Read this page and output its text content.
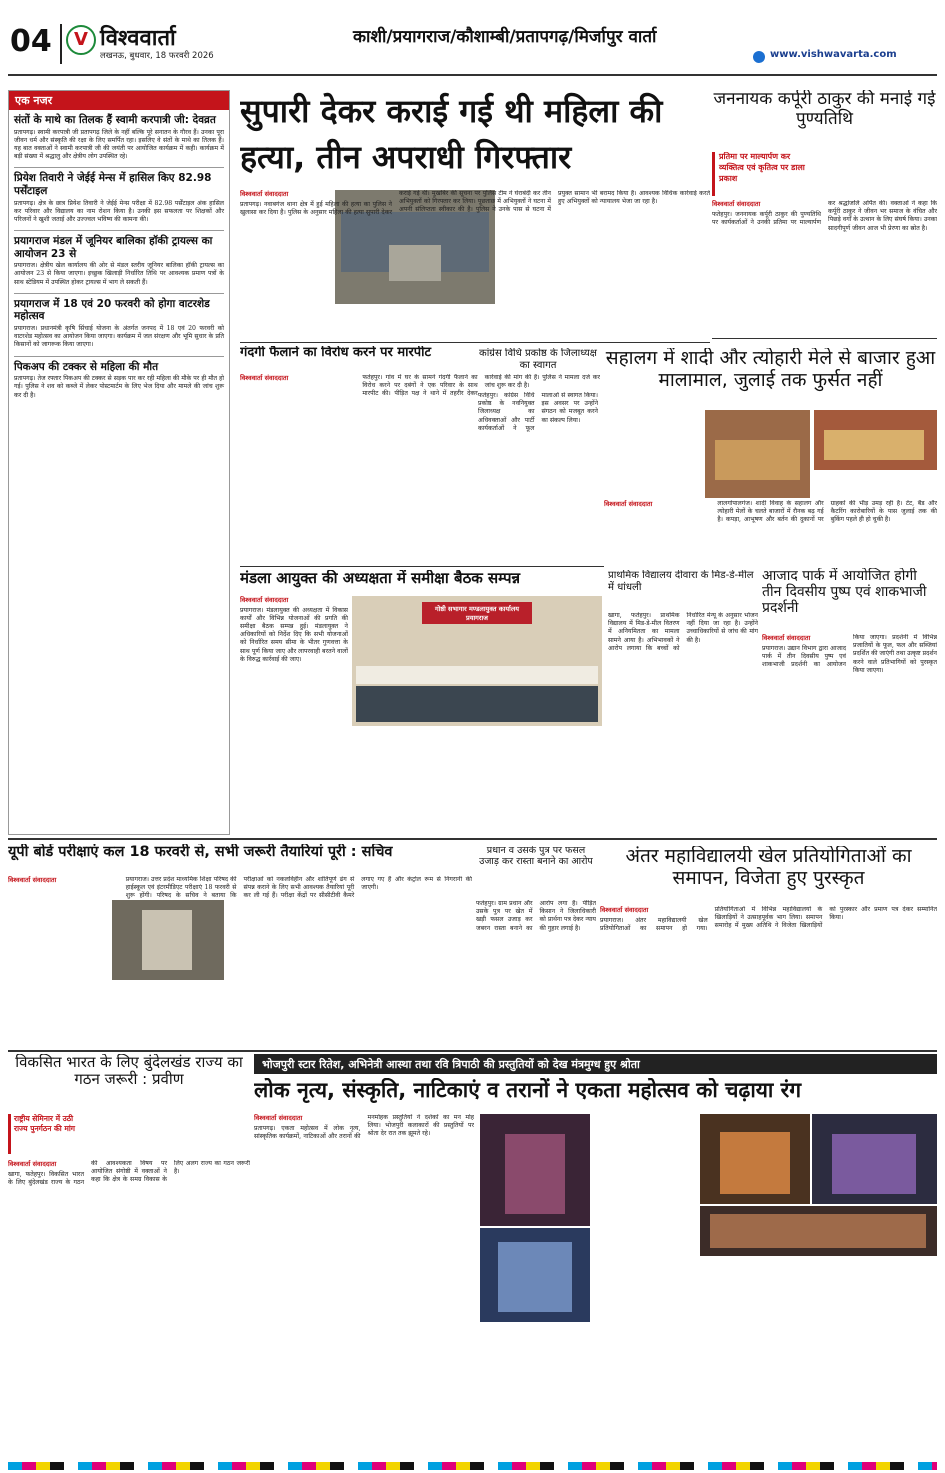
04	V विश्ववार्ता
लखनऊ, बुधवार, 18 फरवरी 2026
काशी/प्रयागराज/कौशाम्बी/प्रतापगढ़/मिर्जापुर वार्ता
www.vishwavarta.com
एक नजर
संतों के माथे का तिलक हैं स्वामी करपात्री जी: देवव्रत
प्रतापगढ़। स्वामी करपात्री जी प्रतापगढ़ जिले के नहीं बल्कि पूरे सनातन के गौरव हैं। उनका पूरा जीवन धर्म और संस्कृति की रक्षा के लिए समर्पित रहा। इसलिए वे संतों के माथे का तिलक हैं। यह बात वक्ताओं ने स्वामी करपात्री जी की जयंती पर आयोजित कार्यक्रम में कही। कार्यक्रम में बड़ी संख्या में श्रद्धालु और क्षेत्रीय लोग उपस्थित रहे।
प्रियेश तिवारी ने जेईई मेन्स में हासिल किए 82.98 पर्सेंटाइल
प्रतापगढ़। क्षेत्र के छात्र प्रियेश तिवारी ने जेईई मेन्स परीक्षा में 82.98 पर्सेंटाइल अंक हासिल कर परिवार और विद्यालय का नाम रोशन किया है। उनकी इस सफलता पर शिक्षकों और परिजनों ने खुशी जताई और उज्ज्वल भविष्य की कामना की।
प्रयागराज मंडल में जूनियर बालिका हॉकी ट्रायल्स का आयोजन 23 से
प्रयागराज। क्षेत्रीय खेल कार्यालय की ओर से मंडल स्तरीय जूनियर बालिका हॉकी ट्रायल्स का आयोजन 23 से किया जाएगा। इच्छुक खिलाड़ी निर्धारित तिथि पर आवश्यक प्रमाण पत्रों के साथ स्टेडियम में उपस्थित होकर ट्रायल्स में भाग ले सकती हैं।
प्रयागराज में 18 एवं 20 फरवरी को होगा वाटरशेड महोत्सव
प्रयागराज। प्रधानमंत्री कृषि सिंचाई योजना के अंतर्गत जनपद में 18 एवं 20 फरवरी को वाटरशेड महोत्सव का आयोजन किया जाएगा। कार्यक्रम में जल संरक्षण और भूमि सुधार के प्रति किसानों को जागरूक किया जाएगा।
पिकअप की टक्कर से महिला की मौत
प्रतापगढ़। तेज रफ्तार पिकअप की टक्कर से सड़क पार कर रही महिला की मौके पर ही मौत हो गई। पुलिस ने शव को कब्जे में लेकर पोस्टमार्टम के लिए भेज दिया और मामले की जांच शुरू कर दी है।
सुपारी देकर कराई गई थी महिला की हत्या, तीन अपराधी गिरफ्तार
विश्ववार्ता संवाददाता
प्रतापगढ़। नवाबगंज थाना क्षेत्र में हुई महिला की हत्या का पुलिस ने खुलासा कर दिया है। पुलिस के अनुसार महिला की हत्या सुपारी देकर कराई गई थी। मुखबिर की सूचना पर पुलिस टीम ने घेराबंदी कर तीन अभियुक्तों को गिरफ्तार कर लिया। पूछताछ में अभियुक्तों ने घटना में अपनी संलिप्तता स्वीकार की है। पुलिस ने उनके पास से घटना में प्रयुक्त सामान भी बरामद किया है। आवश्यक विधिक कार्रवाई करते हुए अभियुक्तों को न्यायालय भेजा जा रहा है।
जननायक कर्पूरी ठाकुर की मनाई गई पुण्यतिथि
प्रतिमा पर माल्यार्पण कर व्यक्तित्व एवं कृतित्व पर डाला प्रकाश
विश्ववार्ता संवाददाता
फतेहपुर। जननायक कर्पूरी ठाकुर की पुण्यतिथि पर कार्यकर्ताओं ने उनकी प्रतिमा पर माल्यार्पण कर श्रद्धांजलि अर्पित की। वक्ताओं ने कहा कि कर्पूरी ठाकुर ने जीवन भर समाज के वंचित और पिछड़े वर्गों के उत्थान के लिए संघर्ष किया। उनका सादगीपूर्ण जीवन आज भी प्रेरणा का स्रोत है।
गंदगी फैलाने का विरोध करने पर मारपीट
विश्ववार्ता संवाददाता	फतेहपुर। गांव में घर के सामने गंदगी फैलाने का विरोध करने पर दबंगों ने एक परिवार के साथ मारपीट की। पीड़ित पक्ष ने थाने में तहरीर देकर कार्रवाई की मांग की है। पुलिस ने मामला दर्ज कर जांच शुरू कर दी है।
कांग्रेस विधि प्रकोष्ठ के जिलाध्यक्ष का स्वागत
फतेहपुर। कांग्रेस विधि प्रकोष्ठ के नवनियुक्त जिलाध्यक्ष का अधिवक्ताओं और पार्टी कार्यकर्ताओं ने फूल मालाओं से स्वागत किया। इस अवसर पर उन्होंने संगठन को मजबूत करने का संकल्प लिया।
सहालग में शादी और त्योहारी मेले से बाजार हुआ मालामाल, जुलाई तक फुर्सत नहीं
विश्ववार्ता संवाददाता	लालगोपालगंज। शादी विवाह के सहालग और त्योहारी मेलों के चलते बाजारों में रौनक बढ़ गई है। कपड़ा, आभूषण और बर्तन की दुकानों पर ग्राहकों की भीड़ उमड़ रही है। टेंट, बैंड और कैटरिंग कारोबारियों के पास जुलाई तक की बुकिंग पहले ही हो चुकी है।
मंडला आयुक्त की अध्यक्षता में समीक्षा बैठक सम्पन्न
गोष्ठी सभागार मण्डलायुक्त कार्यालय प्रयागराज
विश्ववार्ता संवाददाता
प्रयागराज। मंडलायुक्त की अध्यक्षता में विकास कार्यों और विभिन्न योजनाओं की प्रगति की समीक्षा बैठक सम्पन्न हुई। मंडलायुक्त ने अधिकारियों को निर्देश दिए कि सभी योजनाओं को निर्धारित समय सीमा के भीतर गुणवत्ता के साथ पूर्ण किया जाए और लापरवाही बरतने वालों के विरुद्ध कार्रवाई की जाए।
प्राथमिक विद्यालय दीवारा के मिड-डे-मील में धांधली
खागा, फतेहपुर। प्राथमिक विद्यालय में मिड-डे-मील वितरण में अनियमितता का मामला सामने आया है। अभिभावकों ने आरोप लगाया कि बच्चों को निर्धारित मेन्यू के अनुसार भोजन नहीं दिया जा रहा है। उन्होंने उच्चाधिकारियों से जांच की मांग की है।
आजाद पार्क में आयोजित होगी तीन दिवसीय पुष्प एवं शाकभाजी प्रदर्शनी
विश्ववार्ता संवाददाता
प्रयागराज। उद्यान विभाग द्वारा आजाद पार्क में तीन दिवसीय पुष्प एवं शाकभाजी प्रदर्शनी का आयोजन किया जाएगा। प्रदर्शनी में विभिन्न प्रजातियों के फूल, फल और सब्जियां प्रदर्शित की जाएंगी तथा उत्कृष्ट प्रदर्शन करने वाले प्रतिभागियों को पुरस्कृत किया जाएगा।
यूपी बोर्ड परीक्षाएं कल 18 फरवरी से, सभी जरूरी तैयारियां पूरी : सचिव
विश्ववार्ता संवाददाता	प्रयागराज। उत्तर प्रदेश माध्यमिक शिक्षा परिषद की हाईस्कूल एवं इंटरमीडिएट परीक्षाएं 18 फरवरी से शुरू होंगी। परिषद के सचिव ने बताया कि परीक्षाओं को नकलविहीन और शांतिपूर्ण ढंग से संपन्न कराने के लिए सभी आवश्यक तैयारियां पूरी कर ली गई हैं। परीक्षा केंद्रों पर सीसीटीवी कैमरे लगाए गए हैं और कंट्रोल रूम से निगरानी की जाएगी।
प्रधान व उसके पुत्र पर फसल उजाड़ कर रास्ता बनाने का आरोप
फतेहपुर। ग्राम प्रधान और उसके पुत्र पर खेत में खड़ी फसल उजाड़ कर जबरन रास्ता बनाने का आरोप लगा है। पीड़ित किसान ने जिलाधिकारी को प्रार्थना पत्र देकर न्याय की गुहार लगाई है।
अंतर महाविद्यालयी खेल प्रतियोगिताओं का समापन, विजेता हुए पुरस्कृत
विश्ववार्ता संवाददाता
प्रयागराज। अंतर महाविद्यालयी खेल प्रतियोगिताओं का समापन हो गया। प्रतियोगिताओं में विभिन्न महाविद्यालयों के खिलाड़ियों ने उत्साहपूर्वक भाग लिया। समापन समारोह में मुख्य अतिथि ने विजेता खिलाड़ियों को पुरस्कार और प्रमाण पत्र देकर सम्मानित किया।
विकसित भारत के लिए बुंदेलखंड राज्य का गठन जरूरी : प्रवीण
राष्ट्रीय सेमिनार में उठी राज्य पुनर्गठन की मांग
विश्ववार्ता संवाददाता
खागा, फतेहपुर। विकसित भारत के लिए बुंदेलखंड राज्य के गठन की आवश्यकता विषय पर आयोजित संगोष्ठी में वक्ताओं ने कहा कि क्षेत्र के समग्र विकास के लिए अलग राज्य का गठन जरूरी है।
भोजपुरी स्टार रितेश, अभिनेत्री आस्था तथा रवि त्रिपाठी की प्रस्तुतियों को देख मंत्रमुग्ध हुए श्रोता
लोक नृत्य, संस्कृति, नाटिकाएं व तरानों ने एकता महोत्सव को चढ़ाया रंग
विश्ववार्ता संवाददाता
प्रतापगढ़। एकता महोत्सव में लोक नृत्य, सांस्कृतिक कार्यक्रमों, नाटिकाओं और तरानों की मनमोहक प्रस्तुतियों ने दर्शकों का मन मोह लिया। भोजपुरी कलाकारों की प्रस्तुतियों पर श्रोता देर रात तक झूमते रहे।
